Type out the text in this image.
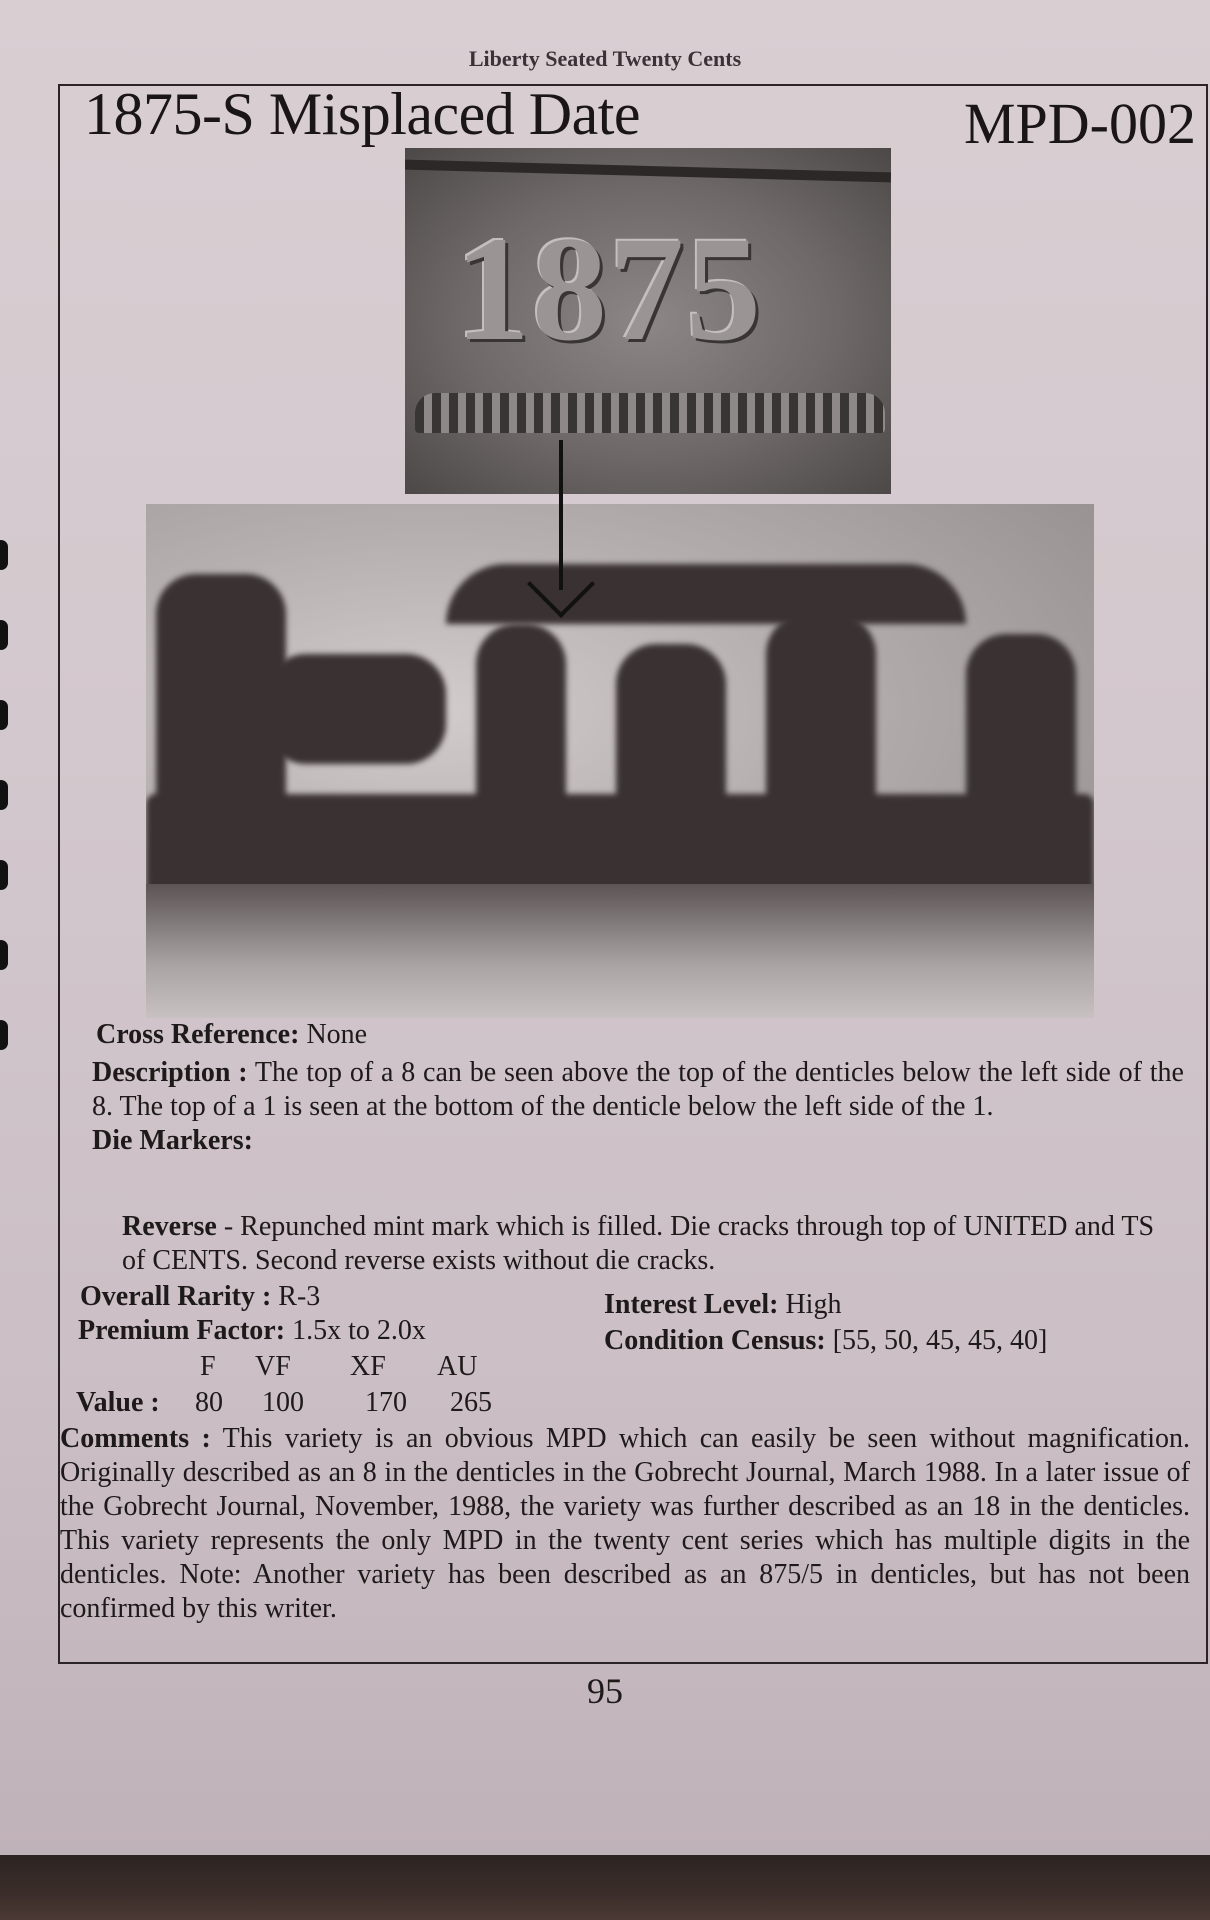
Liberty Seated Twenty Cents
1875-S Misplaced Date	MPD-002
1875
Cross Reference: None
Description : The top of a 8 can be seen above the top of the denticles below the left side of the 8. The top of a 1 is seen at the bottom of the denticle below the left side of the 1.
Die Markers:
Reverse - Repunched mint mark which is filled. Die cracks through top of UNITED and TS of CENTS. Second reverse exists without die cracks.
Overall Rarity : R-3	Interest Level: High
Premium Factor: 1.5x to 2.0x	Condition Census: [55, 50, 45, 45, 40]
F VF XF AU
Value : 80 100 170 265
Comments : This variety is an obvious MPD which can easily be seen without magnification. Originally described as an 8 in the denticles in the Gobrecht Journal, March 1988. In a later issue of the Gobrecht Journal, November, 1988, the variety was further described as an 18 in the denticles. This variety represents the only MPD in the twenty cent series which has multiple digits in the denticles. Note: Another variety has been described as an 875/5 in denticles, but has not been confirmed by this writer.
95
